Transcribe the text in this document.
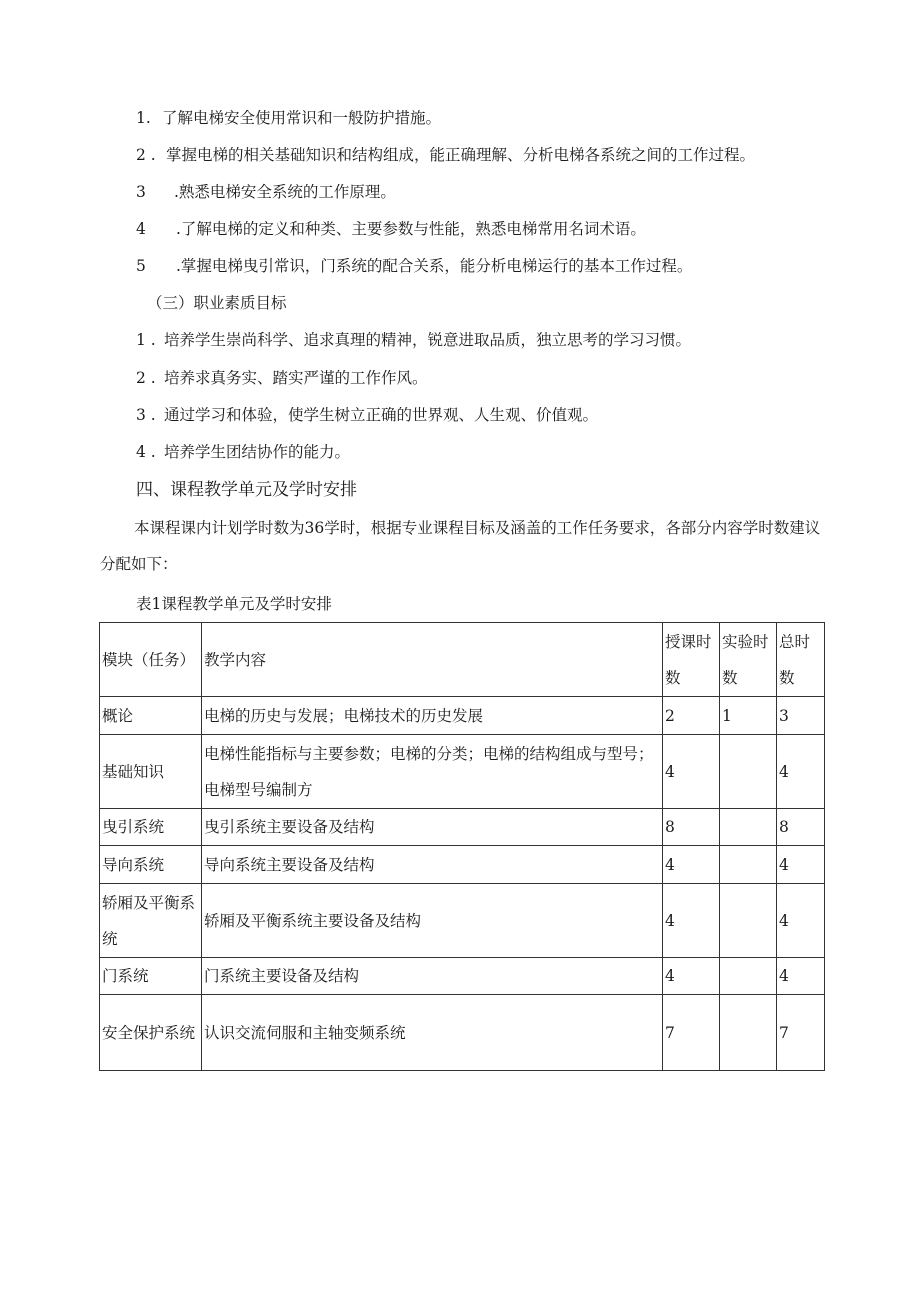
1. 了解电梯安全使用常识和一般防护措施。
2 . 掌握电梯的相关基础知识和结构组成，能正确理解、分析电梯各系统之间的工作过程。
3 .熟悉电梯安全系统的工作原理。
4 .了解电梯的定义和种类、主要参数与性能，熟悉电梯常用名词术语。
5 .掌握电梯曳引常识，门系统的配合关系，能分析电梯运行的基本工作过程。
（三）职业素质目标
1 . 培养学生崇尚科学、追求真理的精神，锐意进取品质，独立思考的学习习惯。
2 . 培养求真务实、踏实严谨的工作作风。
3 . 通过学习和体验，使学生树立正确的世界观、人生观、价值观。
4 . 培养学生团结协作的能力。
四、课程教学单元及学时安排
本课程课内计划学时数为36学时，根据专业课程目标及涵盖的工作任务要求，各部分内容学时数建议分配如下：
表1课程教学单元及学时安排
模块（任务）	教学内容	授课时数	实验时数	总时数
概论	电梯的历史与发展；电梯技术的历史发展	2	1	3
基础知识	电梯性能指标与主要参数；电梯的分类；电梯的结构组成与型号；电梯型号编制方	4		4
曳引系统	曳引系统主要设备及结构	8		8
导向系统	导向系统主要设备及结构	4		4
轿厢及平衡系统	轿厢及平衡系统主要设备及结构	4		4
门系统	门系统主要设备及结构	4		4
安全保护系统	认识交流伺服和主轴变频系统	7		7
